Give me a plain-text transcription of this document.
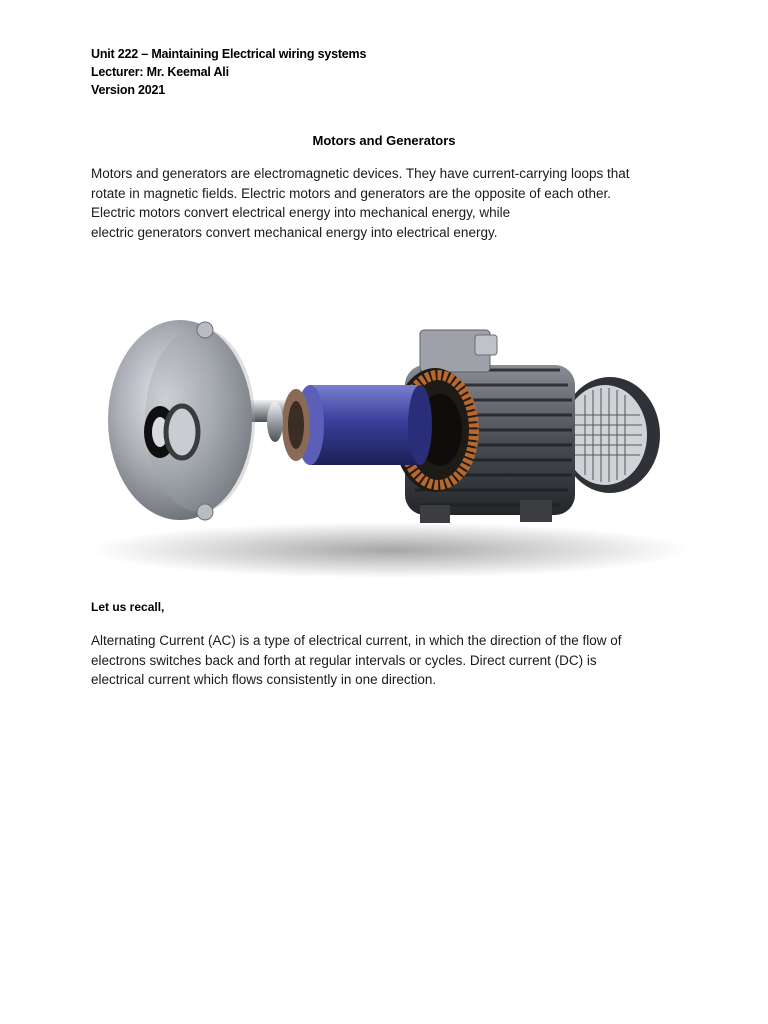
Unit 222 – Maintaining Electrical wiring systems
Lecturer: Mr. Keemal Ali
Version 2021
Motors and Generators
Motors and generators are electromagnetic devices. They have current-carrying loops that
rotate in magnetic fields. Electric motors and generators are the opposite of each other.
Electric motors convert electrical energy into mechanical energy, while
electric generators convert mechanical energy into electrical energy.
Let us recall,
Alternating Current (AC) is a type of electrical current, in which the direction of the flow of
electrons switches back and forth at regular intervals or cycles. Direct current (DC) is
electrical current which flows consistently in one direction.
